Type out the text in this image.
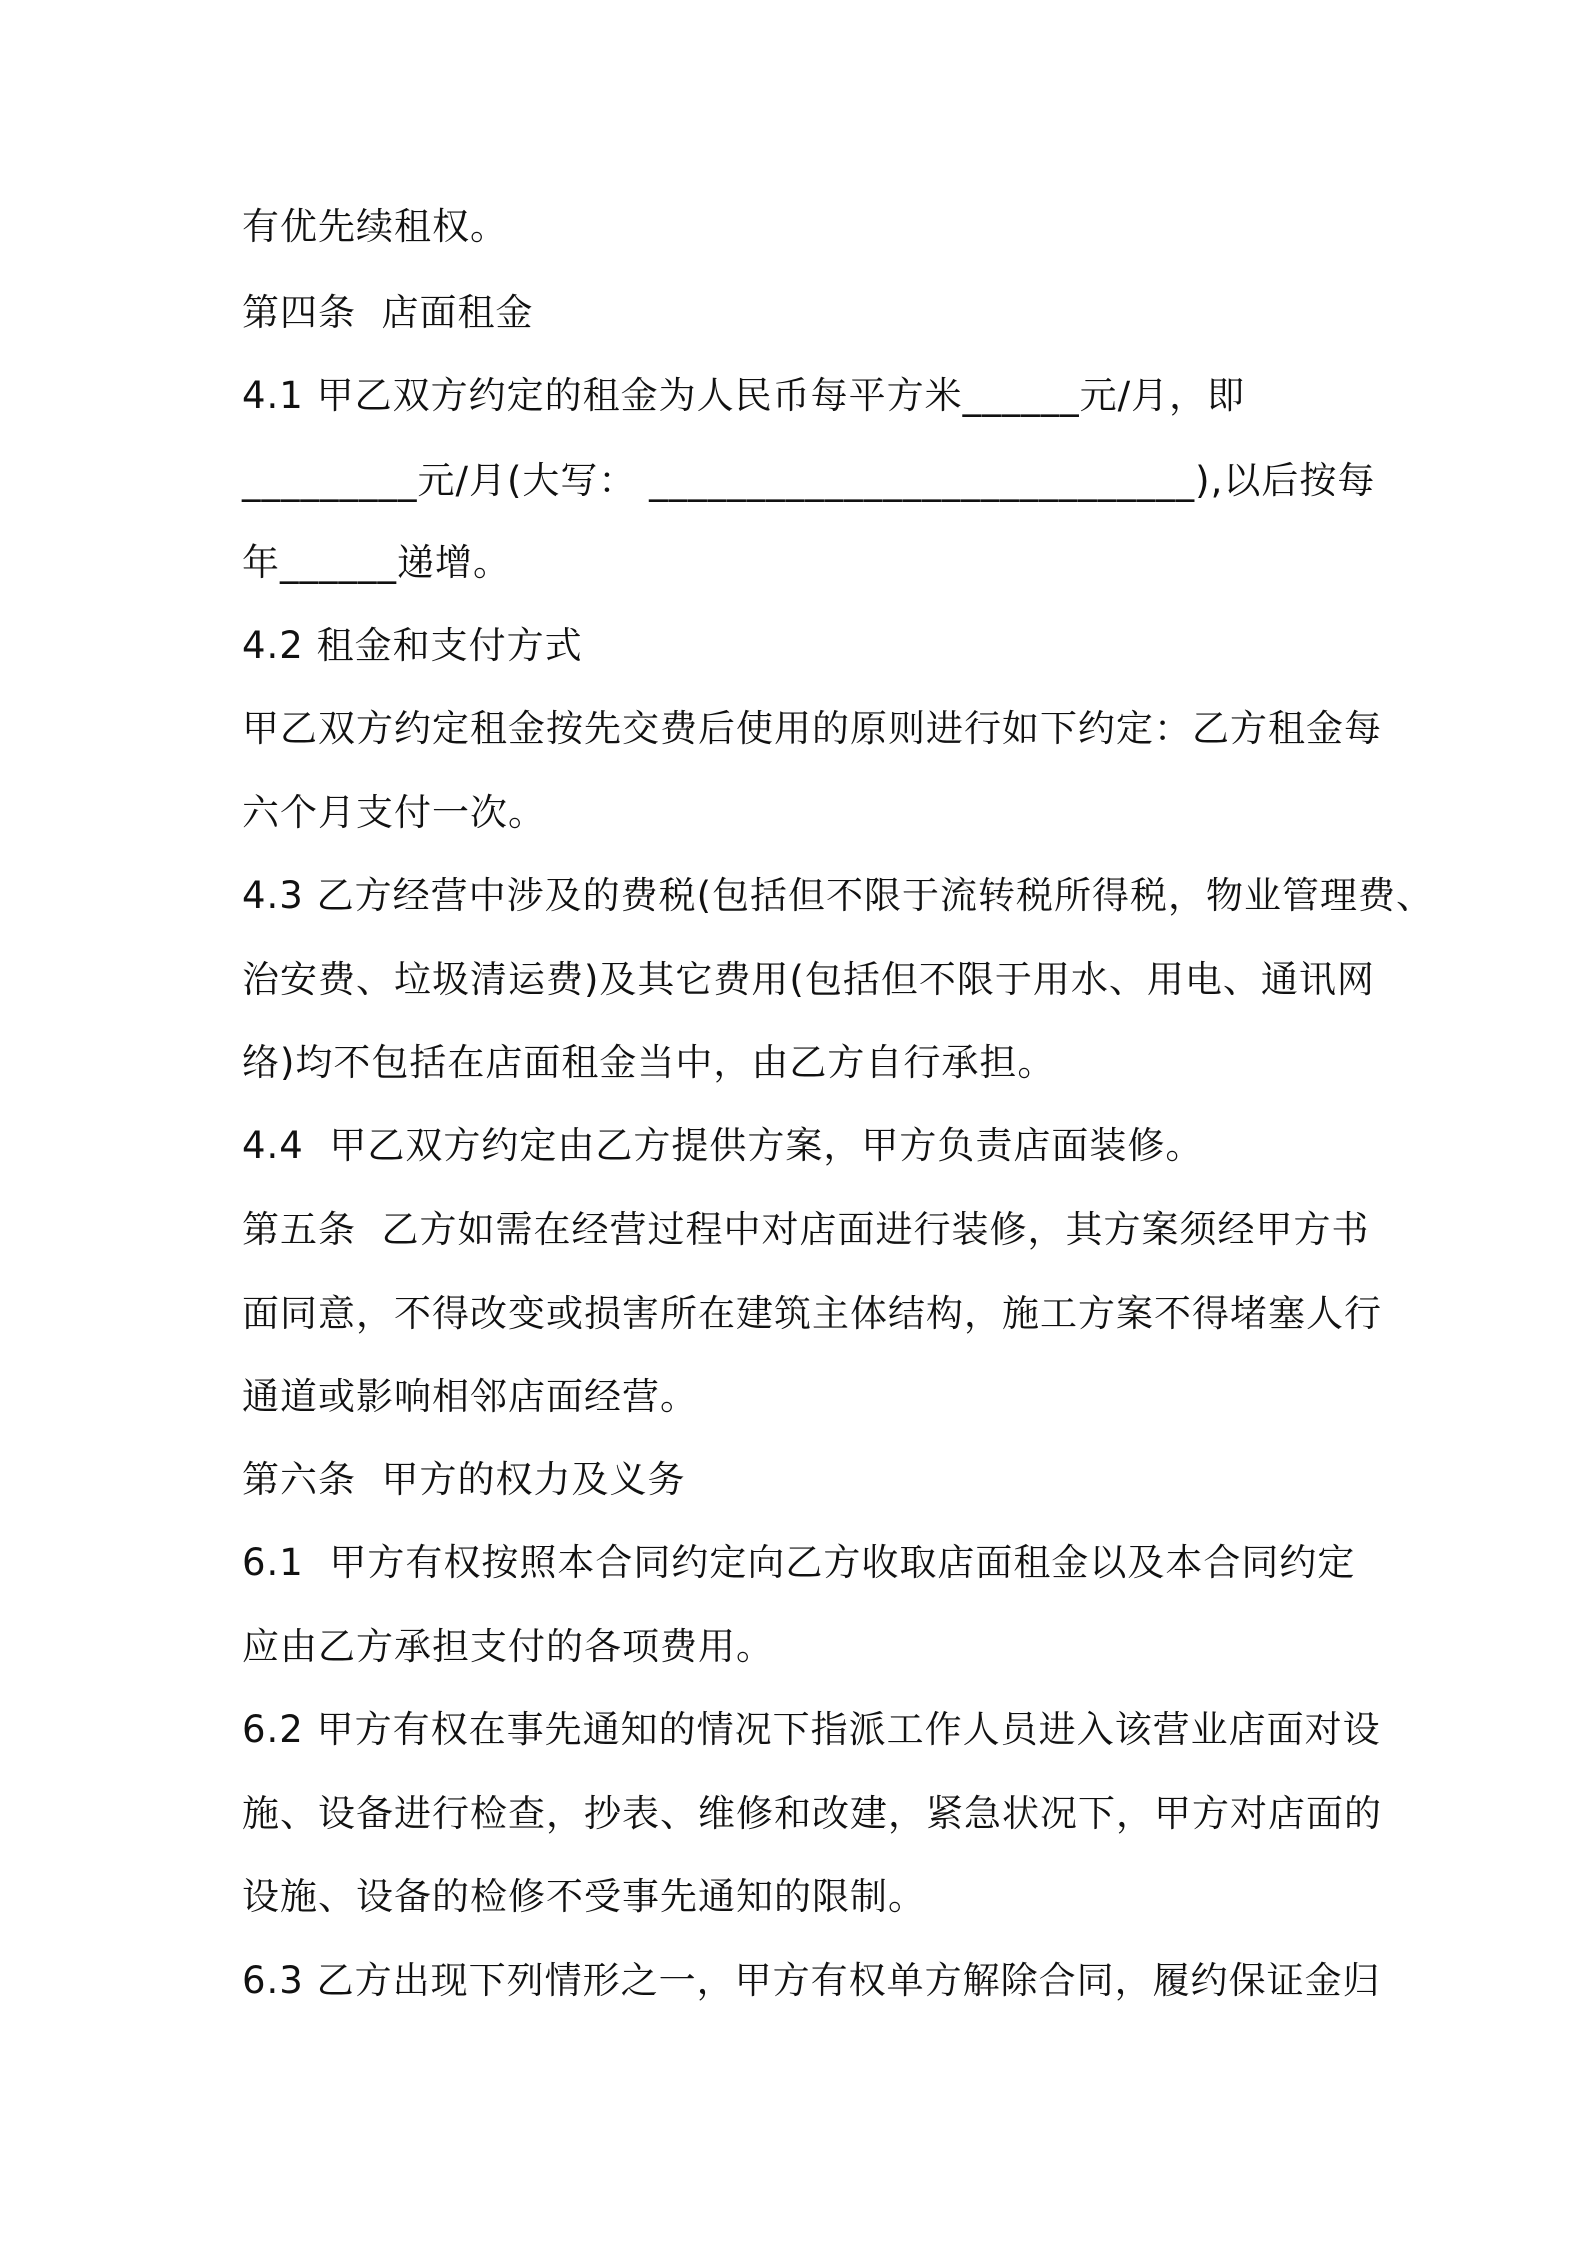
有优先续租权。
第四条  店面租金
4.1 甲乙双方约定的租金为人民币每平方米______元/月，即
_________元/月(大写： ____________________________),以后按每
年______递增。
4.2 租金和支付方式
甲乙双方约定租金按先交费后使用的原则进行如下约定：乙方租金每
六个月支付一次。
4.3 乙方经营中涉及的费税(包括但不限于流转税所得税，物业管理费、
治安费、垃圾清运费)及其它费用(包括但不限于用水、用电、通讯网
络)均不包括在店面租金当中，由乙方自行承担。
4.4  甲乙双方约定由乙方提供方案，甲方负责店面装修。
第五条  乙方如需在经营过程中对店面进行装修，其方案须经甲方书
面同意，不得改变或损害所在建筑主体结构，施工方案不得堵塞人行
通道或影响相邻店面经营。
第六条  甲方的权力及义务
6.1  甲方有权按照本合同约定向乙方收取店面租金以及本合同约定
应由乙方承担支付的各项费用。
6.2 甲方有权在事先通知的情况下指派工作人员进入该营业店面对设
施、设备进行检查，抄表、维修和改建，紧急状况下，甲方对店面的
设施、设备的检修不受事先通知的限制。
6.3 乙方出现下列情形之一，甲方有权单方解除合同，履约保证金归
